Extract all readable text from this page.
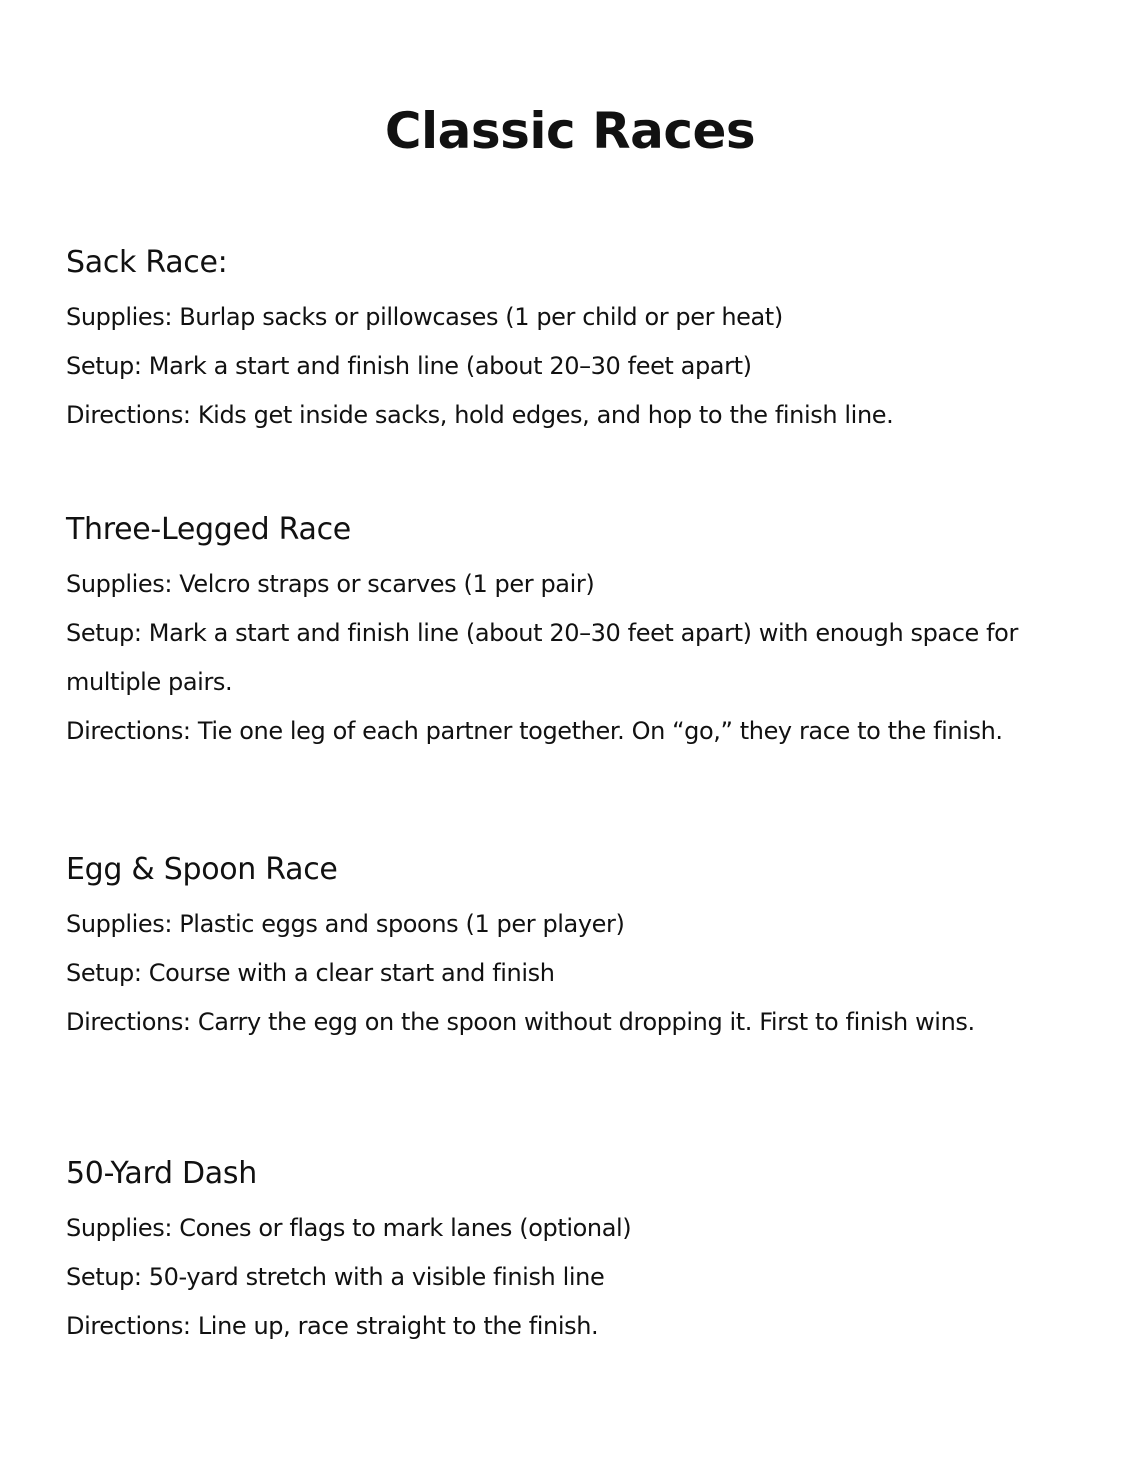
Classic Races
Sack Race:

Supplies: Burlap sacks or pillowcases (1 per child or per heat)

Setup: Mark a start and finish line (about 20–30 feet apart)

Directions: Kids get inside sacks, hold edges, and hop to the finish line.

Three-Legged Race

Supplies: Velcro straps or scarves (1 per pair)

Setup: Mark a start and finish line (about 20–30 feet apart) with enough space for multiple pairs.

Directions: Tie one leg of each partner together. On “go,” they race to the finish.

Egg & Spoon Race

Supplies: Plastic eggs and spoons (1 per player)

Setup: Course with a clear start and finish

Directions: Carry the egg on the spoon without dropping it. First to finish wins.

50-Yard Dash

Supplies: Cones or flags to mark lanes (optional)

Setup: 50-yard stretch with a visible finish line

Directions: Line up, race straight to the finish.
